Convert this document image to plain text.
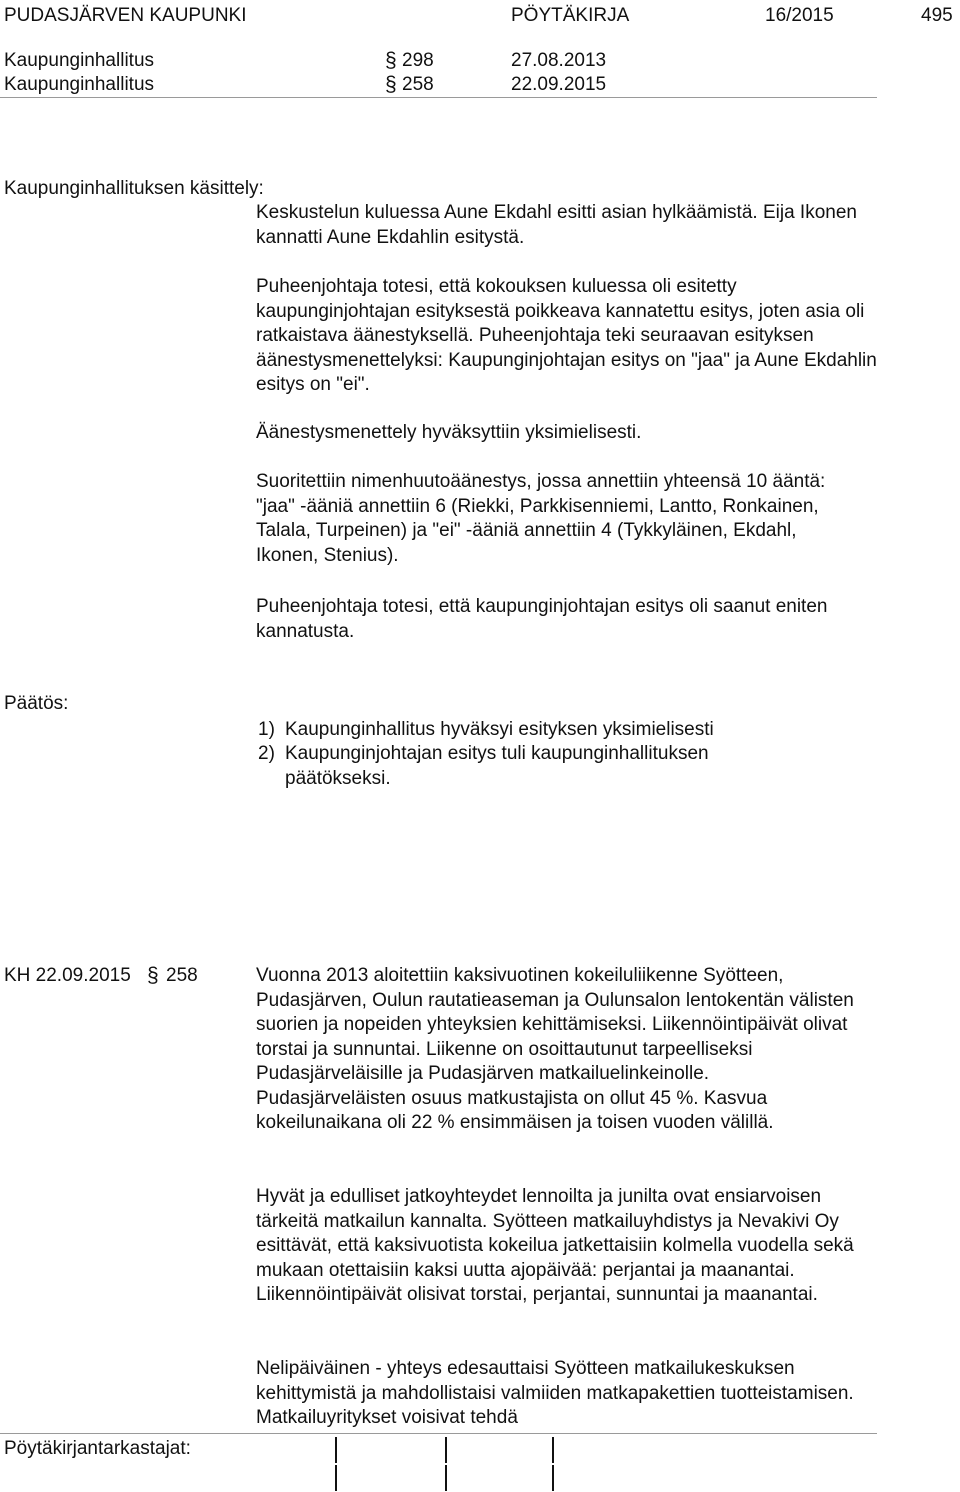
PUDASJÄRVEN KAUPUNKI	PÖYTÄKIRJA	16/2015	495
Kaupunginhallitus	§ 298	27.08.2013
Kaupunginhallitus	§ 258	22.09.2015
Kaupunginhallituksen käsittely:
Keskustelun kuluessa Aune Ekdahl esitti asian hylkäämistä. Eija Ikonen kannatti Aune Ekdahlin esitystä.
Puheenjohtaja totesi, että kokouksen kuluessa oli esitetty kaupunginjohtajan esityksestä poikkeava kannatettu esitys, joten asia oli ratkaistava äänestyksellä. Puheenjohtaja teki seuraavan esityksen äänestysmenettelyksi: Kaupunginjohtajan esitys on "jaa" ja Aune Ekdahlin esitys on "ei".
Äänestysmenettely hyväksyttiin yksimielisesti.
Suoritettiin nimenhuutoäänestys, jossa annettiin yhteensä 10 ääntä: "jaa" -ääniä annettiin 6 (Riekki, Parkkisenniemi, Lantto, Ronkainen, Talala, Turpeinen) ja "ei" -ääniä annettiin 4 (Tykkyläinen, Ekdahl, Ikonen, Stenius).
Puheenjohtaja totesi, että kaupunginjohtajan esitys oli saanut eniten kannatusta.
Päätös:
1) Kaupunginhallitus hyväksyi esityksen yksimielisesti
2) Kaupunginjohtajan esitys tuli kaupunginhallituksen
päätökseksi.
KH 22.09.2015 § 258	Vuonna 2013 aloitettiin kaksivuotinen kokeiluliikenne Syötteen, Pudasjärven, Oulun rautatieaseman ja Oulunsalon lentokentän välisten suorien ja nopeiden yhteyksien kehittämiseksi. Liikennöintipäivät olivat torstai ja sunnuntai. Liikenne on osoittautunut tarpeelliseksi Pudasjärveläisille ja Pudasjärven matkailuelinkeinolle. Pudasjärveläisten osuus matkustajista on ollut 45 %. Kasvua kokeilunaikana oli 22 % ensimmäisen ja toisen vuoden välillä.
Hyvät ja edulliset jatkoyhteydet lennoilta ja junilta ovat ensiarvoisen tärkeitä matkailun kannalta. Syötteen matkailuyhdistys ja Nevakivi Oy esittävät, että kaksivuotista kokeilua jatkettaisiin kolmella vuodella sekä mukaan otettaisiin kaksi uutta ajopäivää: perjantai ja maanantai. Liikennöintipäivät olisivat torstai, perjantai, sunnuntai ja maanantai.
Nelipäiväinen - yhteys edesauttaisi Syötteen matkailukeskuksen kehittymistä ja mahdollistaisi valmiiden matkapakettien tuotteistamisen. Matkailuyritykset voisivat tehdä
Pöytäkirjantarkastajat:
